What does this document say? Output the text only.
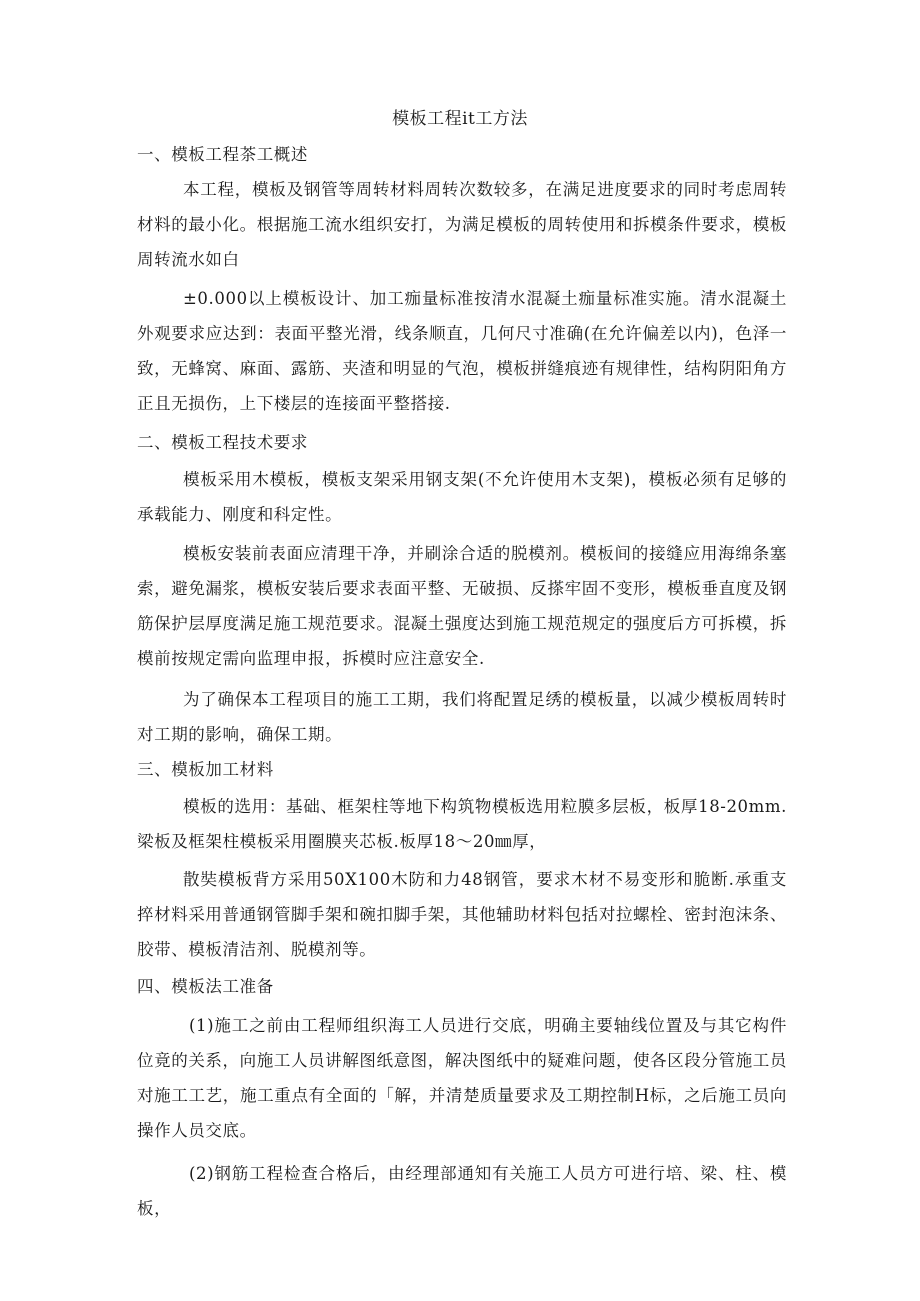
模板工程it工方法
一、模板工程茶工概述
本工程，模板及钢管等周转材料周转次数较多，在满足进度要求的同时考虑周转材料的最小化。根据施工流水组织安打，为满足模板的周转使用和拆模条件要求，模板周转流水如白
±0.000以上模板设计、加工痂量标准按清水混凝土痂量标准实施。清水混凝土外观要求应达到：表面平整光滑，线条顺直，几何尺寸准确(在允许偏差以内)，色泽一致，无蜂窝、麻面、露筋、夹渣和明显的气泡，模板拼缝痕迹有规律性，结构阴阳角方正且无损伤，上下楼层的连接面平整搭接.
二、模板工程技术要求
模板采用木模板，模板支架采用钢支架(不允许使用木支架)，模板必须有足够的承载能力、刚度和科定性。
模板安装前表面应清理干净，并刷涂合适的脱模剂。模板间的接缝应用海绵条塞索，避免漏浆，模板安装后要求表面平整、无破损、反搽牢固不变形，模板垂直度及钢筋保护层厚度满足施工规范要求。混凝土强度达到施工规范规定的强度后方可拆模，拆模前按规定需向监理申报，拆模时应注意安全.
为了确保本工程项目的施工工期，我们将配置足绣的模板量，以减少模板周转时对工期的影响，确保工期。
三、模板加工材料
模板的选用：基础、框架柱等地下构筑物模板选用粒膜多层板，板厚18-20mm.梁板及框架柱模板采用圈膜夹芯板.板厚18～20㎜厚，
散奘模板背方采用50X100木防和力48钢管，要求木材不易变形和脆断.承重支捽材料采用普通钢管脚手架和碗扣脚手架，其他辅助材料包括对拉螺栓、密封泡沫条、胶带、模板清洁剂、脱模剂等。
四、模板法工准备
(1)施工之前由工程师组织海工人员进行交底，明确主要轴线位置及与其它构件位竟的关系，向施工人员讲解图纸意图，解决图纸中的疑难问题，使各区段分管施工员对施工工艺，施工重点有全面的「解，并清楚质量要求及工期控制H标，之后施工员向操作人员交底。
(2)钢筋工程检查合格后，由经理部通知有关施工人员方可进行培、梁、柱、模板，
